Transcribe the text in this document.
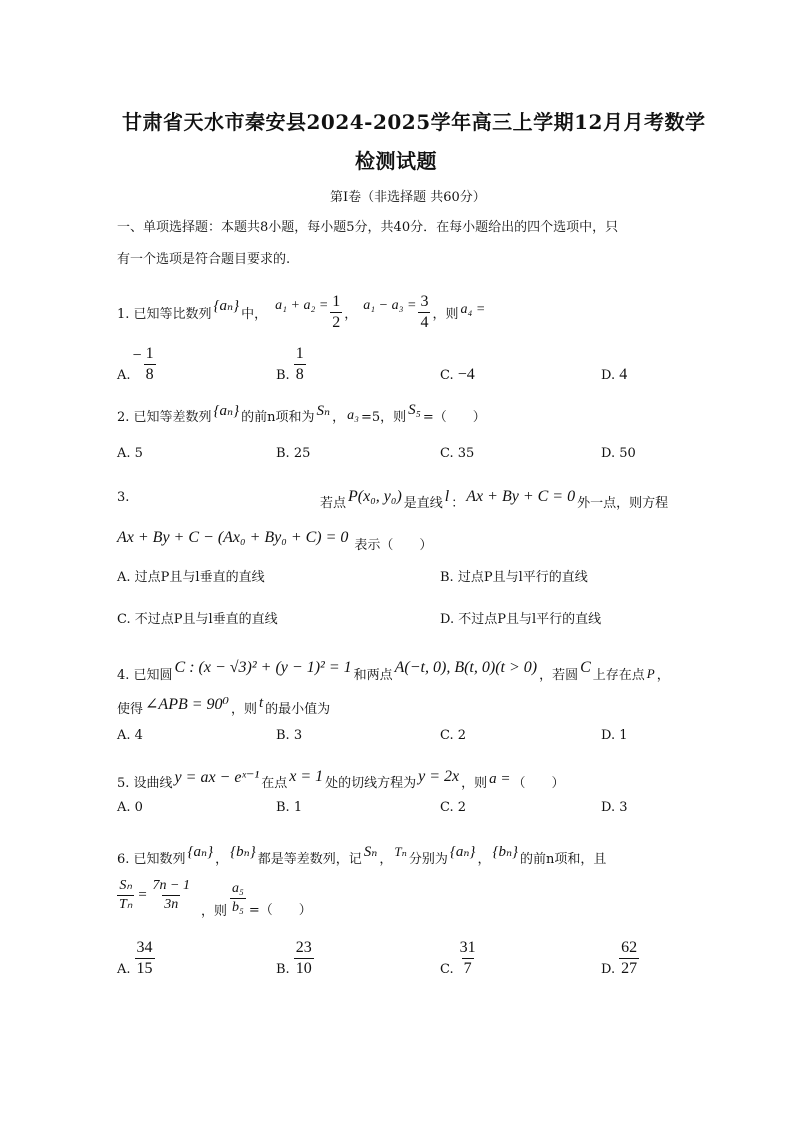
甘肃省天水市秦安县2024-2025学年高三上学期12月月考数学
检测试题
第I卷（非选择题 共60分）
一、单项选择题：本题共8小题，每小题5分，共40分．在每小题给出的四个选项中，只
有一个选项是符合题目要求的.
1. 已知等比数列
{aₙ}
中，
$a_1 + a_2 = \frac{1}{2}$ ，
$a_1 - a_3 = \frac{3}{4}$ ，则 a₄ =
A.
− $\frac{1}{8}$	B. $\frac{1}{8}$	C. −4	D. 4
2. 已知等差数列 {aₙ} 的前n项和为 Sₙ ， a₃ =5，则 S₅ =（　　）
A. 5	B. 25	C. 35	D. 50
3.	若点 P(x₀, y₀) 是直线 l ： Ax + By + C = 0 外一点，则方程
Ax + By + C − (Ax₀ + By₀ + C) = 0 表示（　　）
A. 过点P且与l垂直的直线	B. 过点P且与l平行的直线
C. 不过点P且与l垂直的直线	D. 不过点P且与l平行的直线
4. 已知圆 C : (x − √3)² + (y − 1)² = 1 和两点 A(−t, 0), B(t, 0)(t > 0) ，若圆 C 上存在点 P ，
使得 ∠APB = 90⁰ ，则 t 的最小值为
A. 4	B. 3	C. 2	D. 1
5. 设曲线 y = ax − eˣ⁻¹ 在点 x = 1 处的切线方程为 y = 2x ，则 a = （　　）
A. 0	B. 1	C. 2	D. 3
6. 已知数列 {aₙ} ， {bₙ} 都是等差数列，记 Sₙ ，
Tₙ
分别为 {aₙ} ， {bₙ} 的前n项和，且
$\frac{\text{Sₙ}}{\text{Tₙ}} = \frac{7n - 1}{3n}$ ，则 $\frac{\text{a₅}}{\text{b₅}}$ =（　　）
A. $\frac{34}{15}$	B. $\frac{23}{10}$	C. $\frac{31}{7}$	D. $\frac{62}{27}$
